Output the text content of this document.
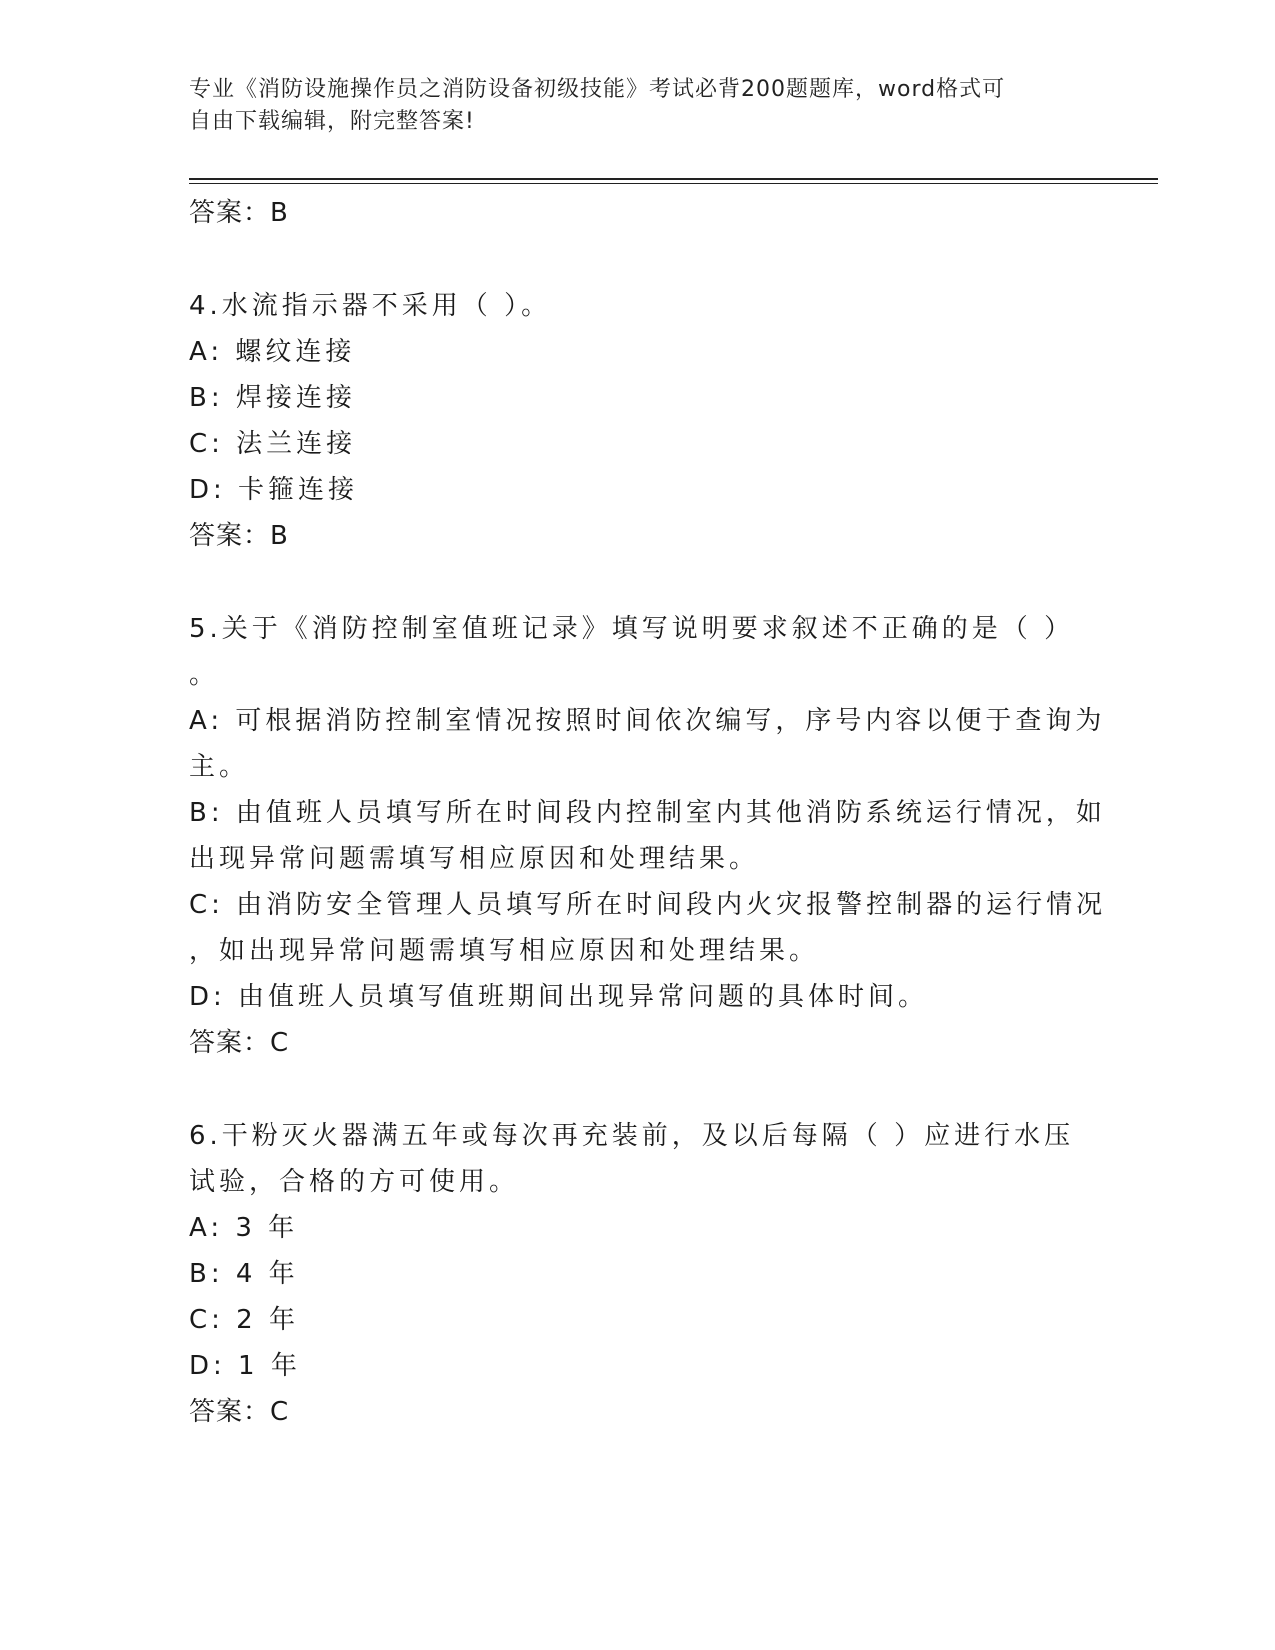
专业《消防设施操作员之消防设备初级技能》考试必背200题题库，word格式可
自由下载编辑，附完整答案!
答案：B
4.水流指示器不采用（ ）。
A: 螺纹连接
B: 焊接连接
C: 法兰连接
D: 卡箍连接
答案：B
5.关于《消防控制室值班记录》填写说明要求叙述不正确的是（ ）
。
A: 可根据消防控制室情况按照时间依次编写，序号内容以便于查询为
主。
B: 由值班人员填写所在时间段内控制室内其他消防系统运行情况，如
出现异常问题需填写相应原因和处理结果。
C: 由消防安全管理人员填写所在时间段内火灾报警控制器的运行情况
，如出现异常问题需填写相应原因和处理结果。
D: 由值班人员填写值班期间出现异常问题的具体时间。
答案：C
6.干粉灭火器满五年或每次再充装前，及以后每隔（ ）应进行水压
试验，合格的方可使用。
A: 3 年
B: 4 年
C: 2 年
D: 1 年
答案：C
